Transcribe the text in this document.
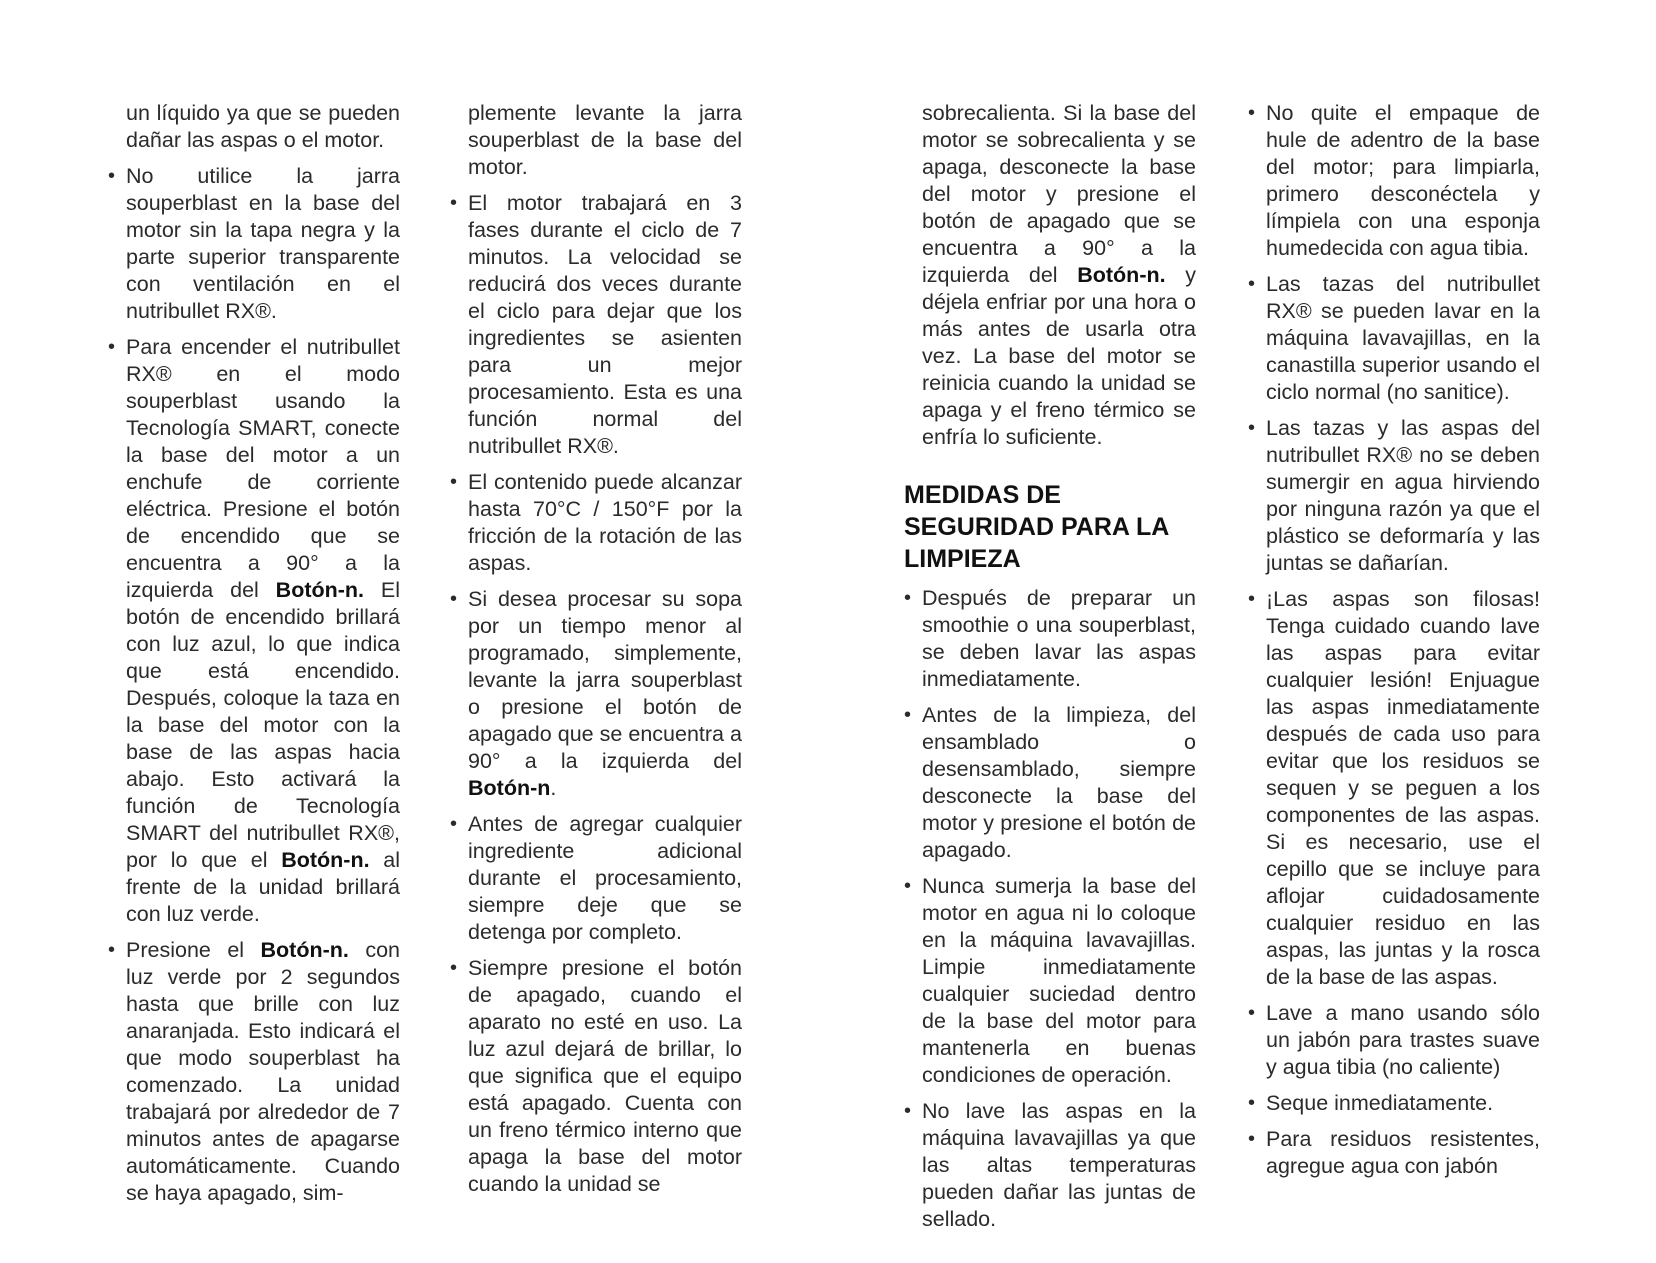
un líquido ya que se pueden dañar las aspas o el motor.

• No utilice la jarra souperblast en la base del motor sin la tapa negra y la parte superior transparente con ventilación en el nutribullet RX®.
• Para encender el nutribullet RX® en el modo souperblast usando la Tecnología SMART, conecte la base del motor a un enchufe de corriente eléctrica. Presione el botón de encendido que se encuentra a 90° a la izquierda del Botón-n. El botón de encendido brillará con luz azul, lo que indica que está encendido. Después, coloque la taza en la base del motor con la base de las aspas hacia abajo. Esto activará la función de Tecnología SMART del nutribullet RX®, por lo que el Botón-n. al frente de la unidad brillará con luz verde.
• Presione el Botón-n. con luz verde por 2 segundos hasta que brille con luz anaranjada. Esto indicará el que modo souperblast ha comenzado. La unidad trabajará por alrededor de 7 minutos antes de apagarse automáticamente. Cuando se haya apagado, sim-

plemente levante la jarra souperblast de la base del motor.

• El motor trabajará en 3 fases durante el ciclo de 7 minutos. La velocidad se reducirá dos veces durante el ciclo para dejar que los ingredientes se asienten para un mejor procesamiento. Esta es una función normal del nutribullet RX®.
• El contenido puede alcanzar hasta 70°C / 150°F por la fricción de la rotación de las aspas.
• Si desea procesar su sopa por un tiempo menor al programado, simplemente, levante la jarra souperblast o presione el botón de apagado que se encuentra a 90° a la izquierda del Botón-n.
• Antes de agregar cualquier ingrediente adicional durante el procesamiento, siempre deje que se detenga por completo.
• Siempre presione el botón de apagado, cuando el aparato no esté en uso. La luz azul dejará de brillar, lo que significa que el equipo está apagado. Cuenta con un freno térmico interno que apaga la base del motor cuando la unidad se

sobrecalienta. Si la base del motor se sobrecalienta y se apaga, desconecte la base del motor y presione el botón de apagado que se encuentra a 90° a la izquierda del Botón-n. y déjela enfriar por una hora o más antes de usarla otra vez. La base del motor se reinicia cuando la unidad se apaga y el freno térmico se enfría lo suficiente.

MEDIDAS DE SEGURIDAD PARA LA LIMPIEZA
• Después de preparar un smoothie o una souperblast, se deben lavar las aspas inmediatamente.
• Antes de la limpieza, del ensamblado o desensamblado, siempre desconecte la base del motor y presione el botón de apagado.
• Nunca sumerja la base del motor en agua ni lo coloque en la máquina lavavajillas. Limpie inmediatamente cualquier suciedad dentro de la base del motor para mantenerla en buenas condiciones de operación.
• No lave las aspas en la máquina lavavajillas ya que las altas temperaturas pueden dañar las juntas de sellado.
• No quite el empaque de hule de adentro de la base del motor; para limpiarla, primero desconéctela y límpiela con una esponja humedecida con agua tibia.
• Las tazas del nutribullet RX® se pueden lavar en la máquina lavavajillas, en la canastilla superior usando el ciclo normal (no sanitice).
• Las tazas y las aspas del nutribullet RX® no se deben sumergir en agua hirviendo por ninguna razón ya que el plástico se deformaría y las juntas se dañarían.
• ¡Las aspas son filosas! Tenga cuidado cuando lave las aspas para evitar cualquier lesión! Enjuague las aspas inmediatamente después de cada uso para evitar que los residuos se sequen y se peguen a los componentes de las aspas. Si es necesario, use el cepillo que se incluye para aflojar cuidadosamente cualquier residuo en las aspas, las juntas y la rosca de la base de las aspas.
• Lave a mano usando sólo un jabón para trastes suave y agua tibia (no caliente)
• Seque inmediatamente.
• Para residuos resistentes, agregue agua con jabón
